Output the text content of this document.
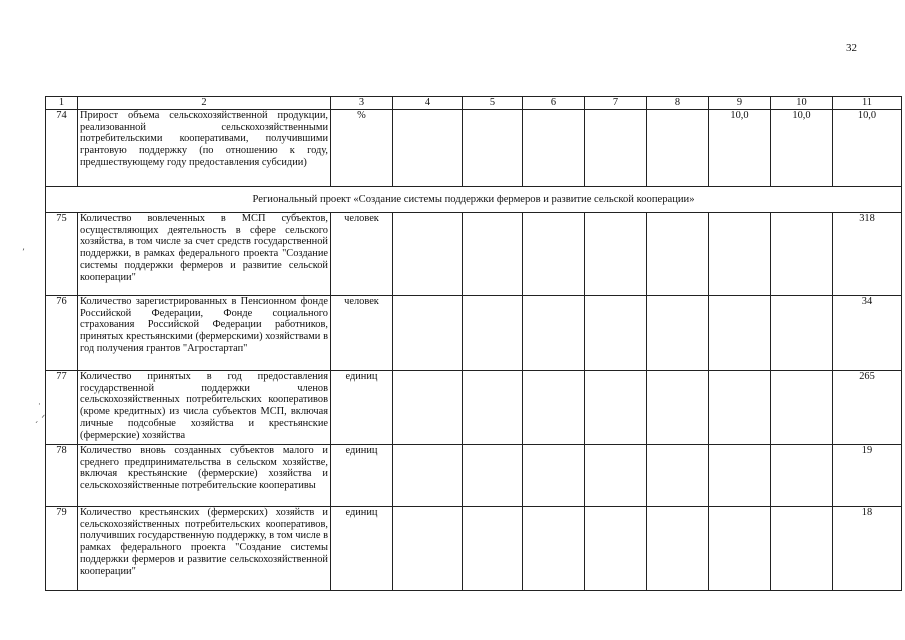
32
ʼ
·
ˏ ᐟ
1	2	3	4	5	6	7	8	9	10	11
74	Прирост объема сельскохозяйственной продукции, реализованной сельскохозяйственными потребительскими кооперативами, получившими грантовую поддержку (по отношению к году, предшествующему году предоставления субсидии)	%						10,0	10,0	10,0
Региональный проект «Создание системы поддержки фермеров и развитие сельской кооперации»										
75	Количество вовлеченных в МСП субъектов, осуществляющих деятельность в сфере сельского хозяйства, в том числе за счет средств государственной поддержки, в рамках федерального проекта "Создание системы поддержки фермеров и развитие сельской кооперации"	человек								318
76	Количество зарегистрированных в Пенсионном фонде Российской Федерации, Фонде социального страхования Российской Федерации работников, принятых крестьянскими (фермерскими) хозяйствами в год получения грантов "Агростартап"	человек								34
77	Количество принятых в год предоставления государственной поддержки членов сельскохозяйственных потребительских кооперативов (кроме кредитных) из числа субъектов МСП, включая личные подсобные хозяйства и крестьянские (фермерские) хозяйства	единиц								265
78	Количество вновь созданных субъектов малого и среднего предпринимательства в сельском хозяйстве, включая крестьянские (фермерские) хозяйства и сельскохозяйственные потребительские кооперативы	единиц								19
79	Количество крестьянских (фермерских) хозяйств и сельскохозяйственных потребительских кооперативов, получивших государственную поддержку, в том числе в рамках федерального проекта "Создание системы поддержки фермеров и развитие сельскохозяйственной кооперации"	единиц								18
